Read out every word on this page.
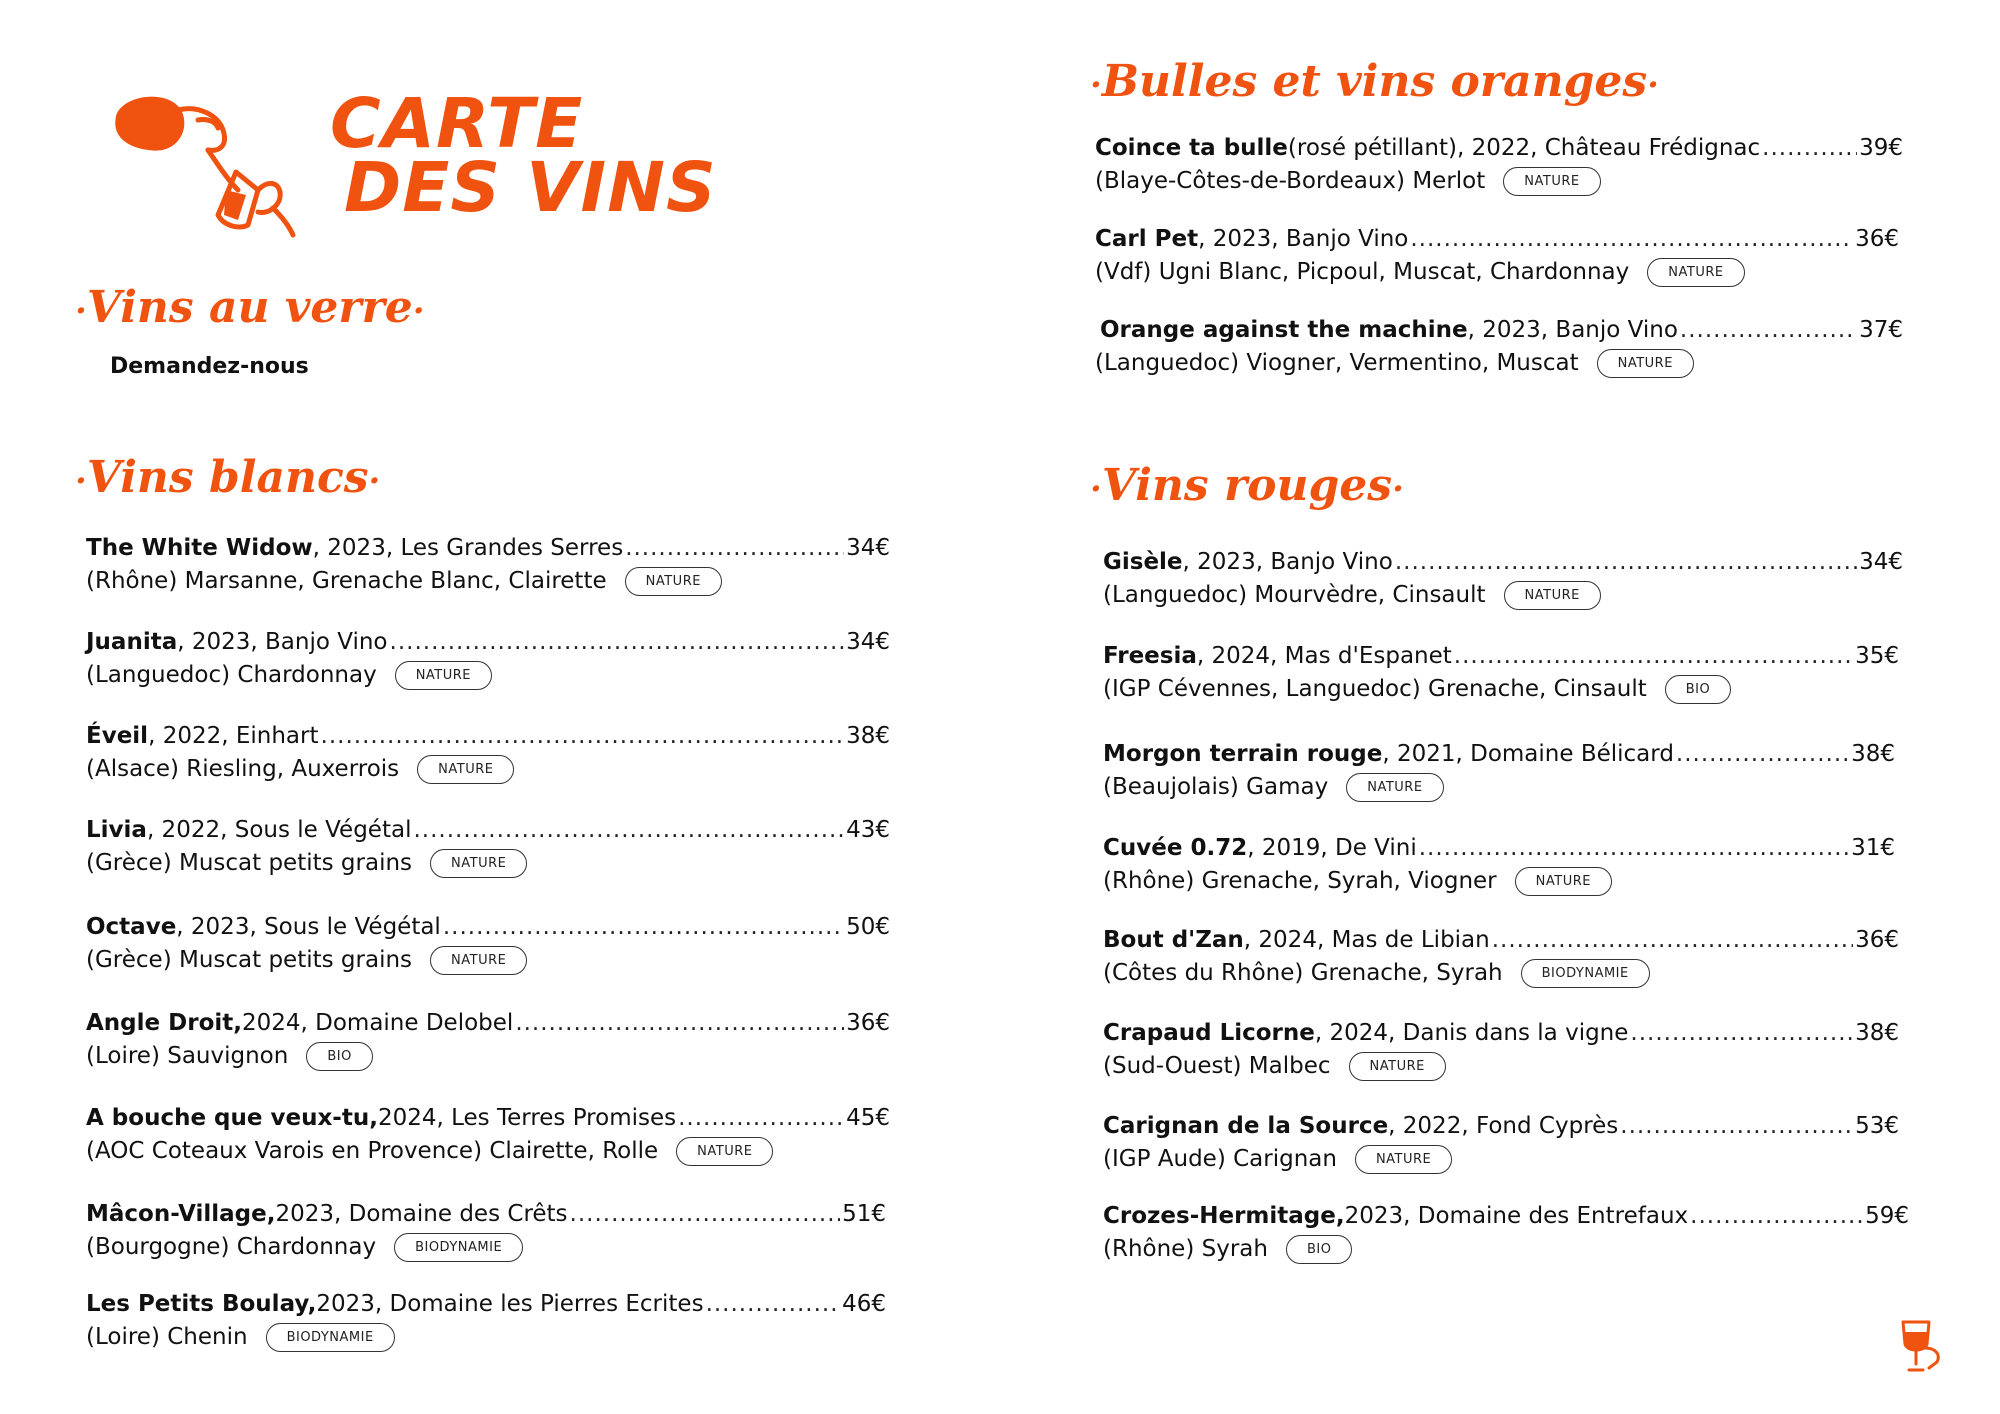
CARTE
DES VINS
·Vins au verre·
Demandez-nous
·Vins blancs·
·Bulles et vins oranges·
·Vins rouges·
The White Widow , 2023, Les Grandes Serres .....	34€
(Rhône) Marsanne, Grenache Blanc, Clairette	NATURE
Juanita , 2023, Banjo Vino .....	34€
(Languedoc) Chardonnay	NATURE
Éveil , 2022, Einhart .....	38€
(Alsace) Riesling, Auxerrois	NATURE
Livia , 2022, Sous le Végétal .....	43€
(Grèce) Muscat petits grains	NATURE
Octave , 2023, Sous le Végétal .....	50€
(Grèce) Muscat petits grains	NATURE
Angle Droit, 2024, Domaine Delobel .....	36€
(Loire) Sauvignon	BIO
A bouche que veux-tu, 2024, Les Terres Promises .....	45€
(AOC Coteaux Varois en Provence) Clairette, Rolle	NATURE
Mâcon-Village, 2023, Domaine des Crêts .....	51€
(Bourgogne) Chardonnay	BIODYNAMIE
Les Petits Boulay, 2023, Domaine les Pierres Ecrites .....	46€
(Loire) Chenin	BIODYNAMIE
Coince ta bulle (rosé pétillant), 2022, Château Frédignac .....	39€
(Blaye-Côtes-de-Bordeaux) Merlot	NATURE
Carl Pet , 2023, Banjo Vino .....	36€
(Vdf) Ugni Blanc, Picpoul, Muscat, Chardonnay	NATURE
Orange against the machine , 2023, Banjo Vino .....	37€
(Languedoc) Viogner, Vermentino, Muscat	NATURE
Gisèle , 2023, Banjo Vino .....	34€
(Languedoc) Mourvèdre, Cinsault	NATURE
Freesia , 2024, Mas d'Espanet .....	35€
(IGP Cévennes, Languedoc) Grenache, Cinsault	BIO
Morgon terrain rouge , 2021, Domaine Bélicard .....	38€
(Beaujolais) Gamay	NATURE
Cuvée 0.72 , 2019, De Vini .....	31€
(Rhône) Grenache, Syrah, Viogner	NATURE
Bout d'Zan , 2024, Mas de Libian .....	36€
(Côtes du Rhône) Grenache, Syrah	BIODYNAMIE
Crapaud Licorne , 2024, Danis dans la vigne .....	38€
(Sud-Ouest) Malbec	NATURE
Carignan de la Source , 2022, Fond Cyprès .....	53€
(IGP Aude) Carignan	NATURE
Crozes-Hermitage, 2023, Domaine des Entrefaux .....	59€
(Rhône) Syrah	BIO
